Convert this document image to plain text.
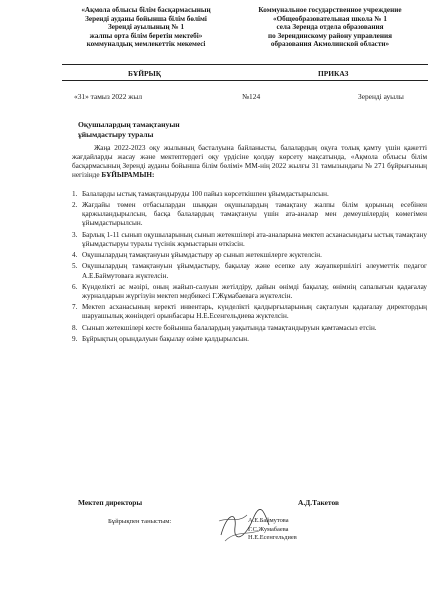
«Ақмола облысы білім басқармасының
Зеренді ауданы бойынша білім бөлімі
Зеренді ауылының № 1
жалпы орта білім беретін мектебі»
коммуналдық мемлекеттік мекемесі
Коммунальное государственное учреждение
«Общеобразовательная школа № 1
села Зеренда отдела образования
по Зерендинскому району управления
образования Акмолинской области»
БҰЙРЫҚ	ПРИКАЗ
«31» тамыз 2022 жыл	№124	Зеренді ауылы
Оқушылардың тамақтануын
ұйымдастыру туралы
Жаңа 2022-2023 оқу жылының басталуына байланысты, балалардың оқуға толық қамту үшін қажетті жағдайларды жасау және мектептердегі оқу үрдісіне қолдау көрсету мақсатында, «Ақмола облысы білім басқармасының Зеренді ауданы бойынша білім бөлімі» ММ-нің 2022 жылғы 31 тамызындағы № 271 бұйрығының негізінде БҰЙЫРАМЫН:
1. Балаларды ыстық тамақтандыруды 100 пайыз көрсеткішпен ұйымдастырылсын.
2. Жағдайы төмен отбасылардан шыққан оқушылардың тамақтану жалпы білім қорының есебінен қаржыландырылсын, басқа балалардың тамақтануы үшін ата-аналар мен демеушілердің көмегімен ұйымдастырылсын.
3. Барлық 1-11 сынып оқушыларының сынып жетекшілері ата-аналарына мектеп асханасындағы ыстық тамақтану ұйымдастыруы туралы түсінік жұмыстарын өткізсін.
4. Оқушылардың тамақтануын ұйымдастыру әр сынып жетекшілерге жүктелсін.
5. Оқушылардың тамақтануын ұйымдастыру, бақылау және есепке алу жауапкершілігі әлеуметтік педагог А.Е.Баймутоваға жүктелсін.
6. Күнделікті ас мәзірі, оның жайып-салуын жетілдіру, дайын өнімді бақылау, өнімнің сапалығын қадағалау журналдарын жүргізуін мектеп медбикесі Г.Жұмабаеваға жүктелсін.
7. Мектеп асханасының керекті инвентарь, күнделікті қалдырғыларының сақталуын қадағалау директордың шаруашылық жөніндегі орынбасары Н.Е.Есенгельдиева жүктелсін.
8. Сынып жетекшілері кесте бойынша балалардың уақытында тамақтандыруын қамтамасыз етсін.
9. Бұйрықтың орындалуын бақылау өзіме қалдырылсын.
Мектеп директоры	А.Д.Такетов
Бұйрықпен таныстым:	А.Е.Баймутова
Г.С.Жумабаева
Н.Е.Есенгельдиев
